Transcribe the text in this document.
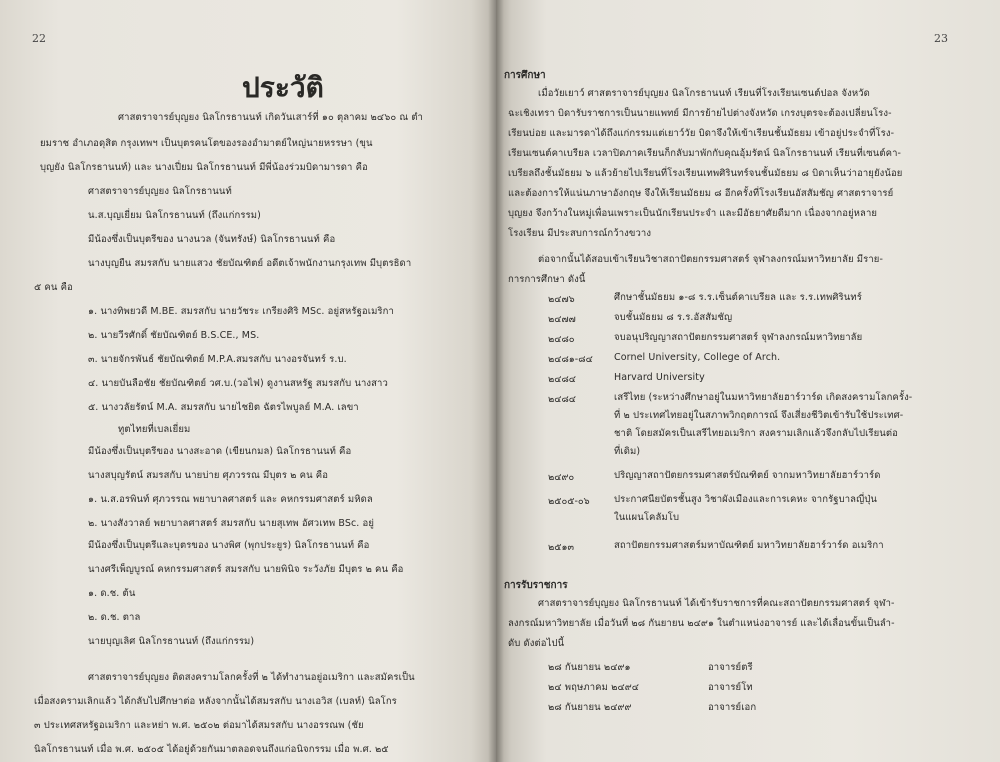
22
ประวัติ
ศาสตราจารย์บุญยง นิลโกรธานนท์ เกิดวันเสาร์ที่ ๑๐ ตุลาคม ๒๔๖๐ ณ ตำ
ยมราช อำเภอดุสิต กรุงเทพฯ เป็นบุตรคนโตของรองอำมาตย์ใหญ่นายหรรษา (ขุน
บุญยัง นิลโกรธานนท์) และ นางเปี่ยม นิลโกรธานนท์ มีพี่น้องร่วมบิดามารดา คือ
ศาสตราจารย์บุญยง นิลโกรธานนท์
น.ส.บุญเยี่ยม นิลโกรธานนท์ (ถึงแก่กรรม)
มีน้องซึ่งเป็นบุตรีของ นางนวล (จันทรังษ์) นิลโกรธานนท์ คือ
นางบุญยืน สมรสกับ นายแสวง ชัยบัณฑิตย์ อดีตเจ้าพนักงานกรุงเทพ มีบุตรธิดา
๕ คน คือ
๑. นางทิพยวดี M.BE. สมรสกับ นายวัชระ เกรียงศิริ MSc. อยู่สหรัฐอเมริกา
๒. นายวีรศักดิ์ ชัยบัณฑิตย์ B.S.CE., MS.
๓. นายจักรพันธ์ ชัยบัณฑิตย์ M.P.A.สมรสกับ นางอรจันทร์ ร.บ.
๔. นายบันลือชัย ชัยบัณฑิตย์ วศ.บ.(วอไฟ) ดูงานสหรัฐ สมรสกับ นางสาว
๕. นางวลัยรัตน์ M.A. สมรสกับ นายไชยิต ฉัตรไพบูลย์ M.A. เลขา
ทูตไทยที่เบลเยี่ยม
มีน้องซึ่งเป็นบุตรีของ นางสะอาด (เขียนกมล) นิลโกรธานนท์ คือ
นางสบุญรัตน์ สมรสกับ นายบ่าย ศุภวรรณ มีบุตร ๒ คน คือ
๑. น.ส.อรพินท์ ศุภวรรณ พยาบาลศาสตร์ และ คหกรรมศาสตร์ มหิดล
๒. นางสังวาลย์ พยาบาลศาสตร์ สมรสกับ นายสุเทพ อัศวเทพ BSc. อยู่
มีน้องซึ่งเป็นบุตรีและบุตรของ นางพิศ (พุกประยูร) นิลโกรธานนท์ คือ
นางศรีเพ็ญบูรณ์ คหกรรมศาสตร์ สมรสกับ นายพินิจ ระวังภัย มีบุตร ๒ คน คือ
๑. ด.ช. ต้น
๒. ด.ช. ตาล
นายบุญเลิศ นิลโกรธานนท์ (ถึงแก่กรรม)
ศาสตราจารย์บุญยง ติดสงครามโลกครั้งที่ ๒ ได้ทำงานอยู่อเมริกา และสมัครเป็น
เมื่อสงครามเลิกแล้ว ได้กลับไปศึกษาต่อ หลังจากนั้นได้สมรสกับ นางเอวิส (เบลท์) นิลโกร
๓ ประเทศสหรัฐอเมริกา และหย่า พ.ศ. ๒๕๐๒ ต่อมาได้สมรสกับ นางอรรณพ (ชัย
นิลโกรธานนท์ เมื่อ พ.ศ. ๒๕๐๕ ได้อยู่ด้วยกันมาตลอดจนถึงแก่อนิจกรรม เมื่อ พ.ศ. ๒๕
23
การศึกษา
เมื่อวัยเยาว์ ศาสตราจารย์บุญยง นิลโกรธานนท์ เรียนที่โรงเรียนเซนต์ปอล จังหวัด
ฉะเชิงเทรา บิดารับราชการเป็นนายแพทย์ มีการย้ายไปต่างจังหวัด เกรงบุตรจะต้องเปลี่ยนโรง-
เรียนบ่อย และมารดาได้ถึงแก่กรรมแต่เยาว์วัย บิดาจึงให้เข้าเรียนชั้นมัธยม เข้าอยู่ประจำที่โรง-
เรียนเซนต์คาเบรียล เวลาปิดภาคเรียนก็กลับมาพักกับคุณอุ้มรัตน์ นิลโกรธานนท์ เรียนที่เซนต์คา-
เบรียลถึงชั้นมัธยม ๖ แล้วย้ายไปเรียนที่โรงเรียนเทพศิรินทร์จนชั้นมัธยม ๘ บิดาเห็นว่าอายุยังน้อย
และต้องการให้แน่นภาษาอังกฤษ จึงให้เรียนมัธยม ๘ อีกครั้งที่โรงเรียนอัสสัมชัญ ศาสตราจารย์
บุญยง จึงกว้างในหมู่เพื่อนเพราะเป็นนักเรียนประจำ และมีอัธยาศัยดีมาก เนื่องจากอยู่หลาย
โรงเรียน มีประสบการณ์กว้างขวาง
ต่อจากนั้นได้สอบเข้าเรียนวิชาสถาปัตยกรรมศาสตร์ จุฬาลงกรณ์มหาวิทยาลัย มีราย-
การการศึกษา ดังนี้
๒๔๗๖	ศึกษาชั้นมัธยม ๑-๘ ร.ร.เซ็นต์คาเบรียล และ ร.ร.เทพศิรินทร์
๒๔๗๗	จบชั้นมัธยม ๘ ร.ร.อัสสัมชัญ
๒๔๘๐	จบอนุปริญญาสถาปัตยกรรมศาสตร์ จุฬาลงกรณ์มหาวิทยาลัย
๒๔๘๑-๘๔ Cornel University, College of Arch.
๒๔๘๔	Harvard University
๒๔๘๔	เสรีไทย (ระหว่างศึกษาอยู่ในมหาวิทยาลัยฮาร์วาร์ด เกิดสงครามโลกครั้ง-
ที่ ๒ ประเทศไทยอยู่ในสภาพวิกฤตการณ์ จึงเสี่ยงชีวิตเข้ารับใช้ประเทศ-
ชาติ โดยสมัครเป็นเสรีไทยอเมริกา สงครามเลิกแล้วจึงกลับไปเรียนต่อ
ที่เดิม)
๒๔๙๐	ปริญญาสถาปัตยกรรมศาสตร์บัณฑิตย์ จากมหาวิทยาลัยฮาร์วาร์ด
๒๕๐๕-๐๖	ประกาศนียบัตรชั้นสูง วิชาผังเมืองและการเคหะ จากรัฐบาลญี่ปุ่น
ในแผนโคลัมโบ
๒๕๑๓	สถาปัตยกรรมศาสตร์มหาบัณฑิตย์ มหาวิทยาลัยฮาร์วาร์ด อเมริกา
การรับราชการ
ศาสตราจารย์บุญยง นิลโกรธานนท์ ได้เข้ารับราชการที่คณะสถาปัตยกรรมศาสตร์ จุฬา-
ลงกรณ์มหาวิทยาลัย เมื่อวันที่ ๒๘ กันยายน ๒๔๙๑ ในตำแหน่งอาจารย์ และได้เลื่อนขั้นเป็นลำ-
ดับ ดังต่อไปนี้
๒๘ กันยายน ๒๔๙๑	อาจารย์ตรี
๒๔ พฤษภาคม ๒๔๙๔	อาจารย์โท
๒๘ กันยายน ๒๔๙๙	อาจารย์เอก
